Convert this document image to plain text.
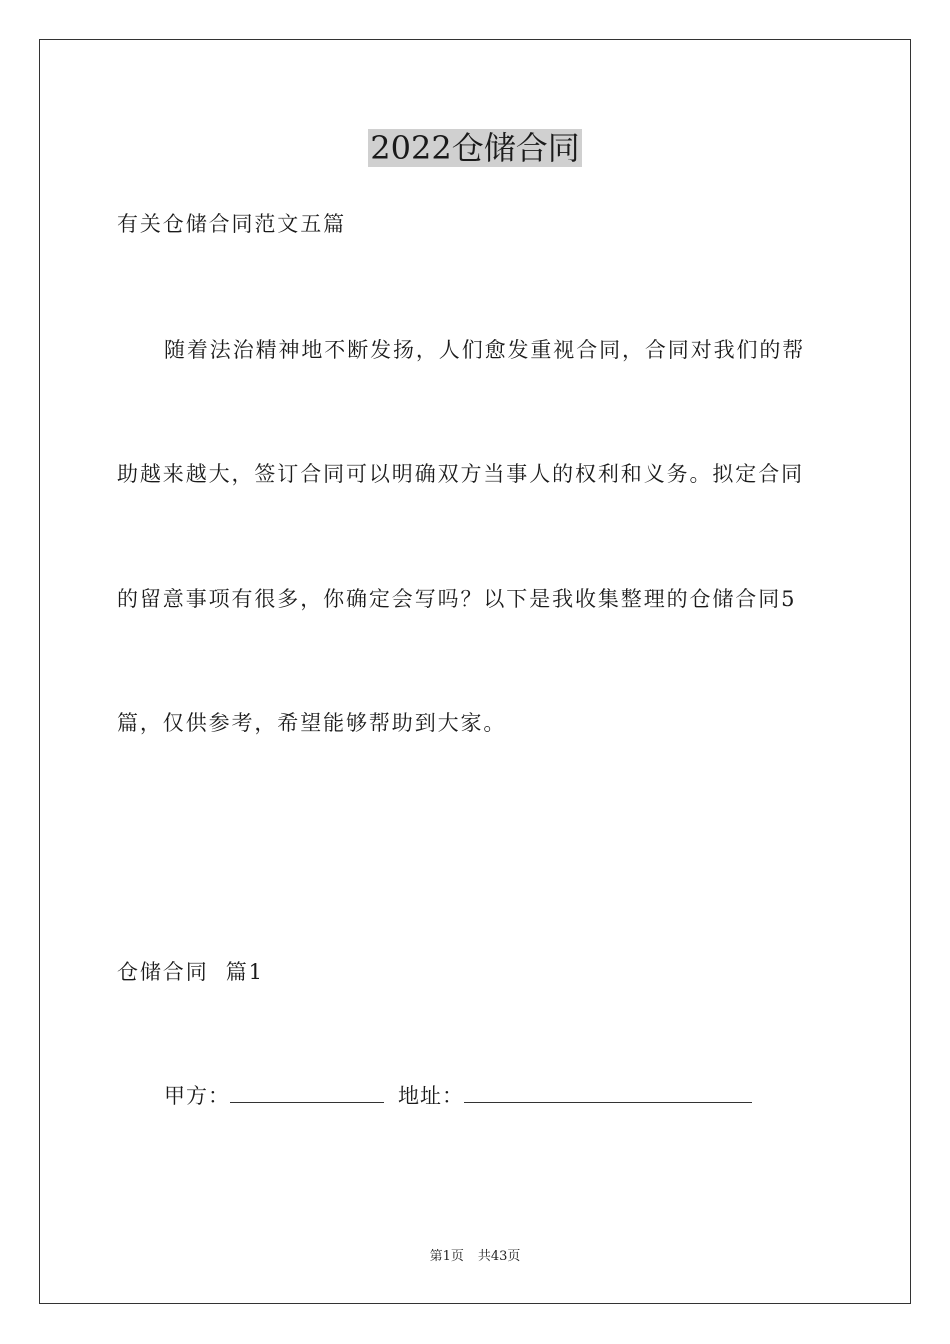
2022仓储合同
有关仓储合同范文五篇
随着法治精神地不断发扬，人们愈发重视合同，合同对我们的帮
助越来越大，签订合同可以明确双方当事人的权利和义务。拟定合同
的留意事项有很多，你确定会写吗？以下是我收集整理的仓储合同5
篇，仅供参考，希望能够帮助到大家。
仓储合同  篇1
甲方：	地址：
第1页 共43页
